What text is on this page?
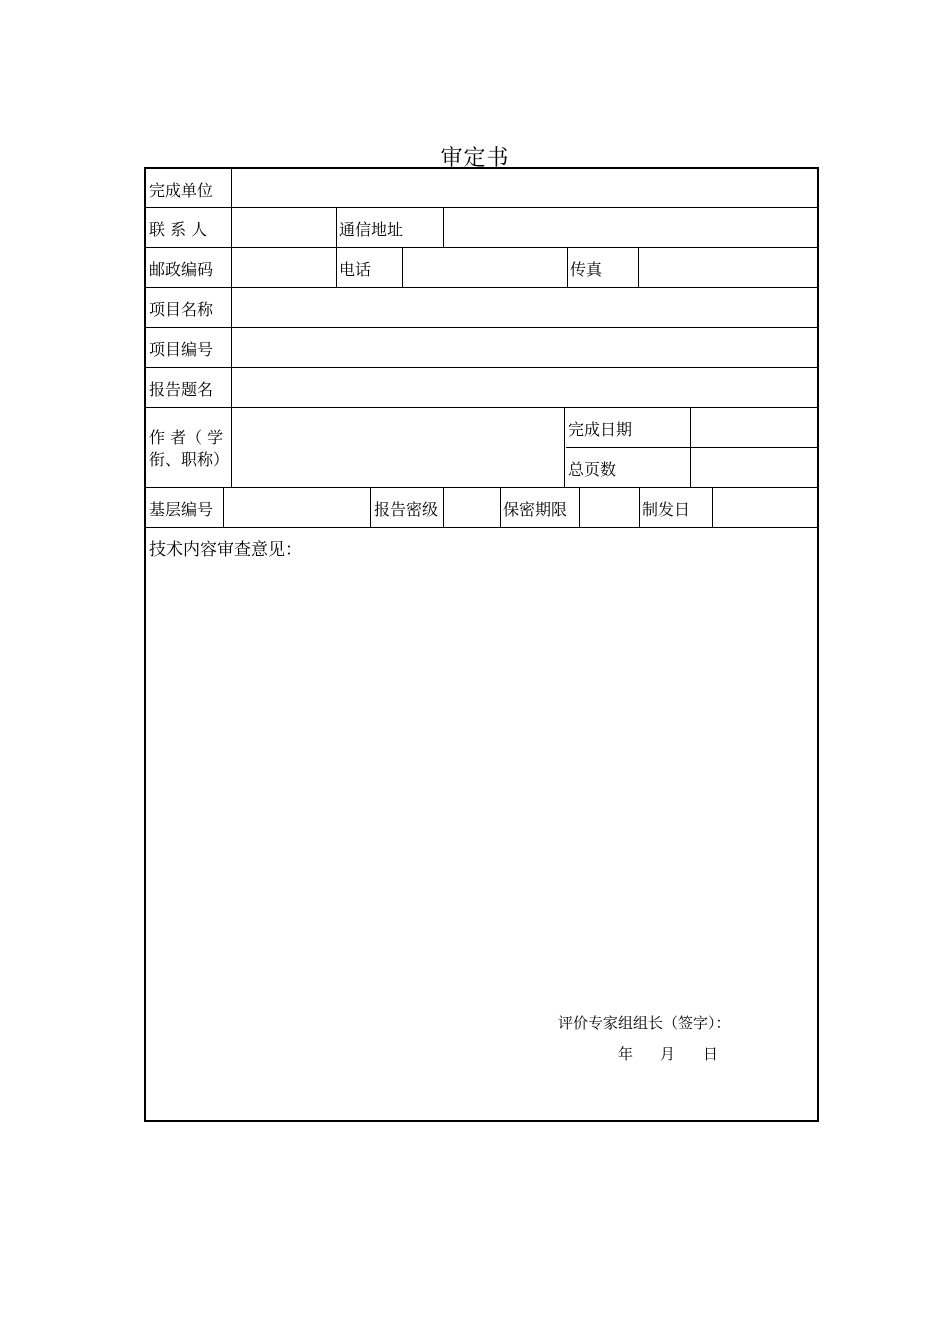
审定书
完成单位
联 系 人	通信地址
邮政编码	电话	传真
项目名称
项目编号
报告题名
作 者（ 学
衔、职称）
完成日期
总页数
基层编号	报告密级	保密期限	制发日
技术内容审查意见：
评价专家组组长（签字）：
年 月 日
